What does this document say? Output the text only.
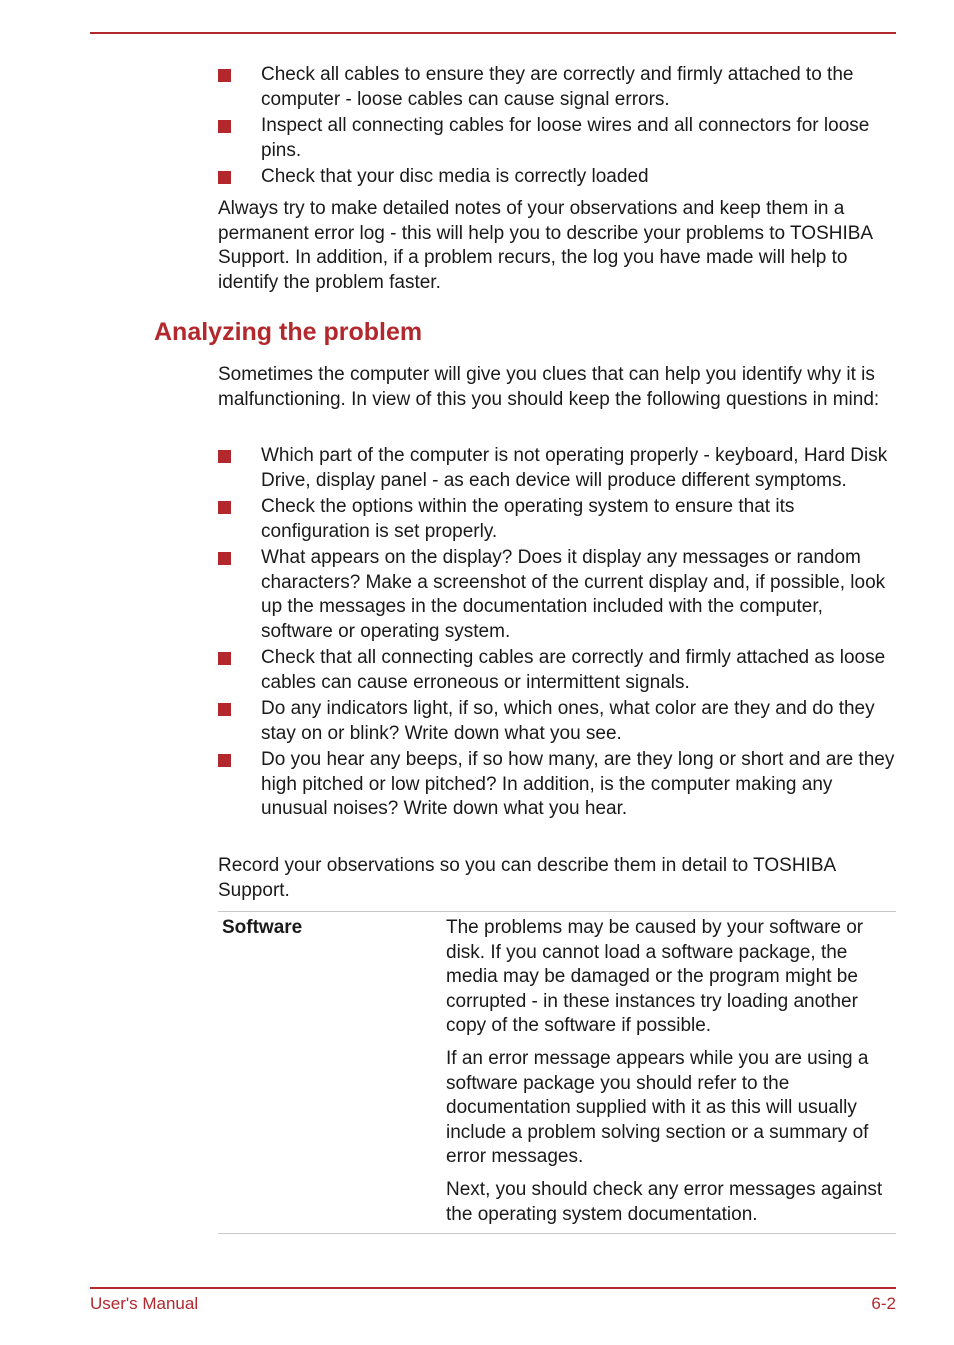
Check all cables to ensure they are correctly and firmly attached to the computer - loose cables can cause signal errors.
Inspect all connecting cables for loose wires and all connectors for loose pins.
Check that your disc media is correctly loaded

Always try to make detailed notes of your observations and keep them in a permanent error log - this will help you to describe your problems to TOSHIBA Support. In addition, if a problem recurs, the log you have made will help to identify the problem faster.

Analyzing the problem

Sometimes the computer will give you clues that can help you identify why it is malfunctioning. In view of this you should keep the following questions in mind:

Which part of the computer is not operating properly - keyboard, Hard Disk Drive, display panel - as each device will produce different symptoms.
Check the options within the operating system to ensure that its configuration is set properly.
What appears on the display? Does it display any messages or random characters? Make a screenshot of the current display and, if possible, look up the messages in the documentation included with the computer, software or operating system.
Check that all connecting cables are correctly and firmly attached as loose cables can cause erroneous or intermittent signals.
Do any indicators light, if so, which ones, what color are they and do they stay on or blink? Write down what you see.
Do you hear any beeps, if so how many, are they long or short and are they high pitched or low pitched? In addition, is the computer making any unusual noises? Write down what you hear.

Record your observations so you can describe them in detail to TOSHIBA Support.

Software	The problems may be caused by your software or disk. If you cannot load a software package, the media may be damaged or the program might be corrupted - in these instances try loading another copy of the software if possible.

If an error message appears while you are using a software package you should refer to the documentation supplied with it as this will usually include a problem solving section or a summary of error messages.

Next, you should check any error messages against the operating system documentation.

User's Manual	6-2
